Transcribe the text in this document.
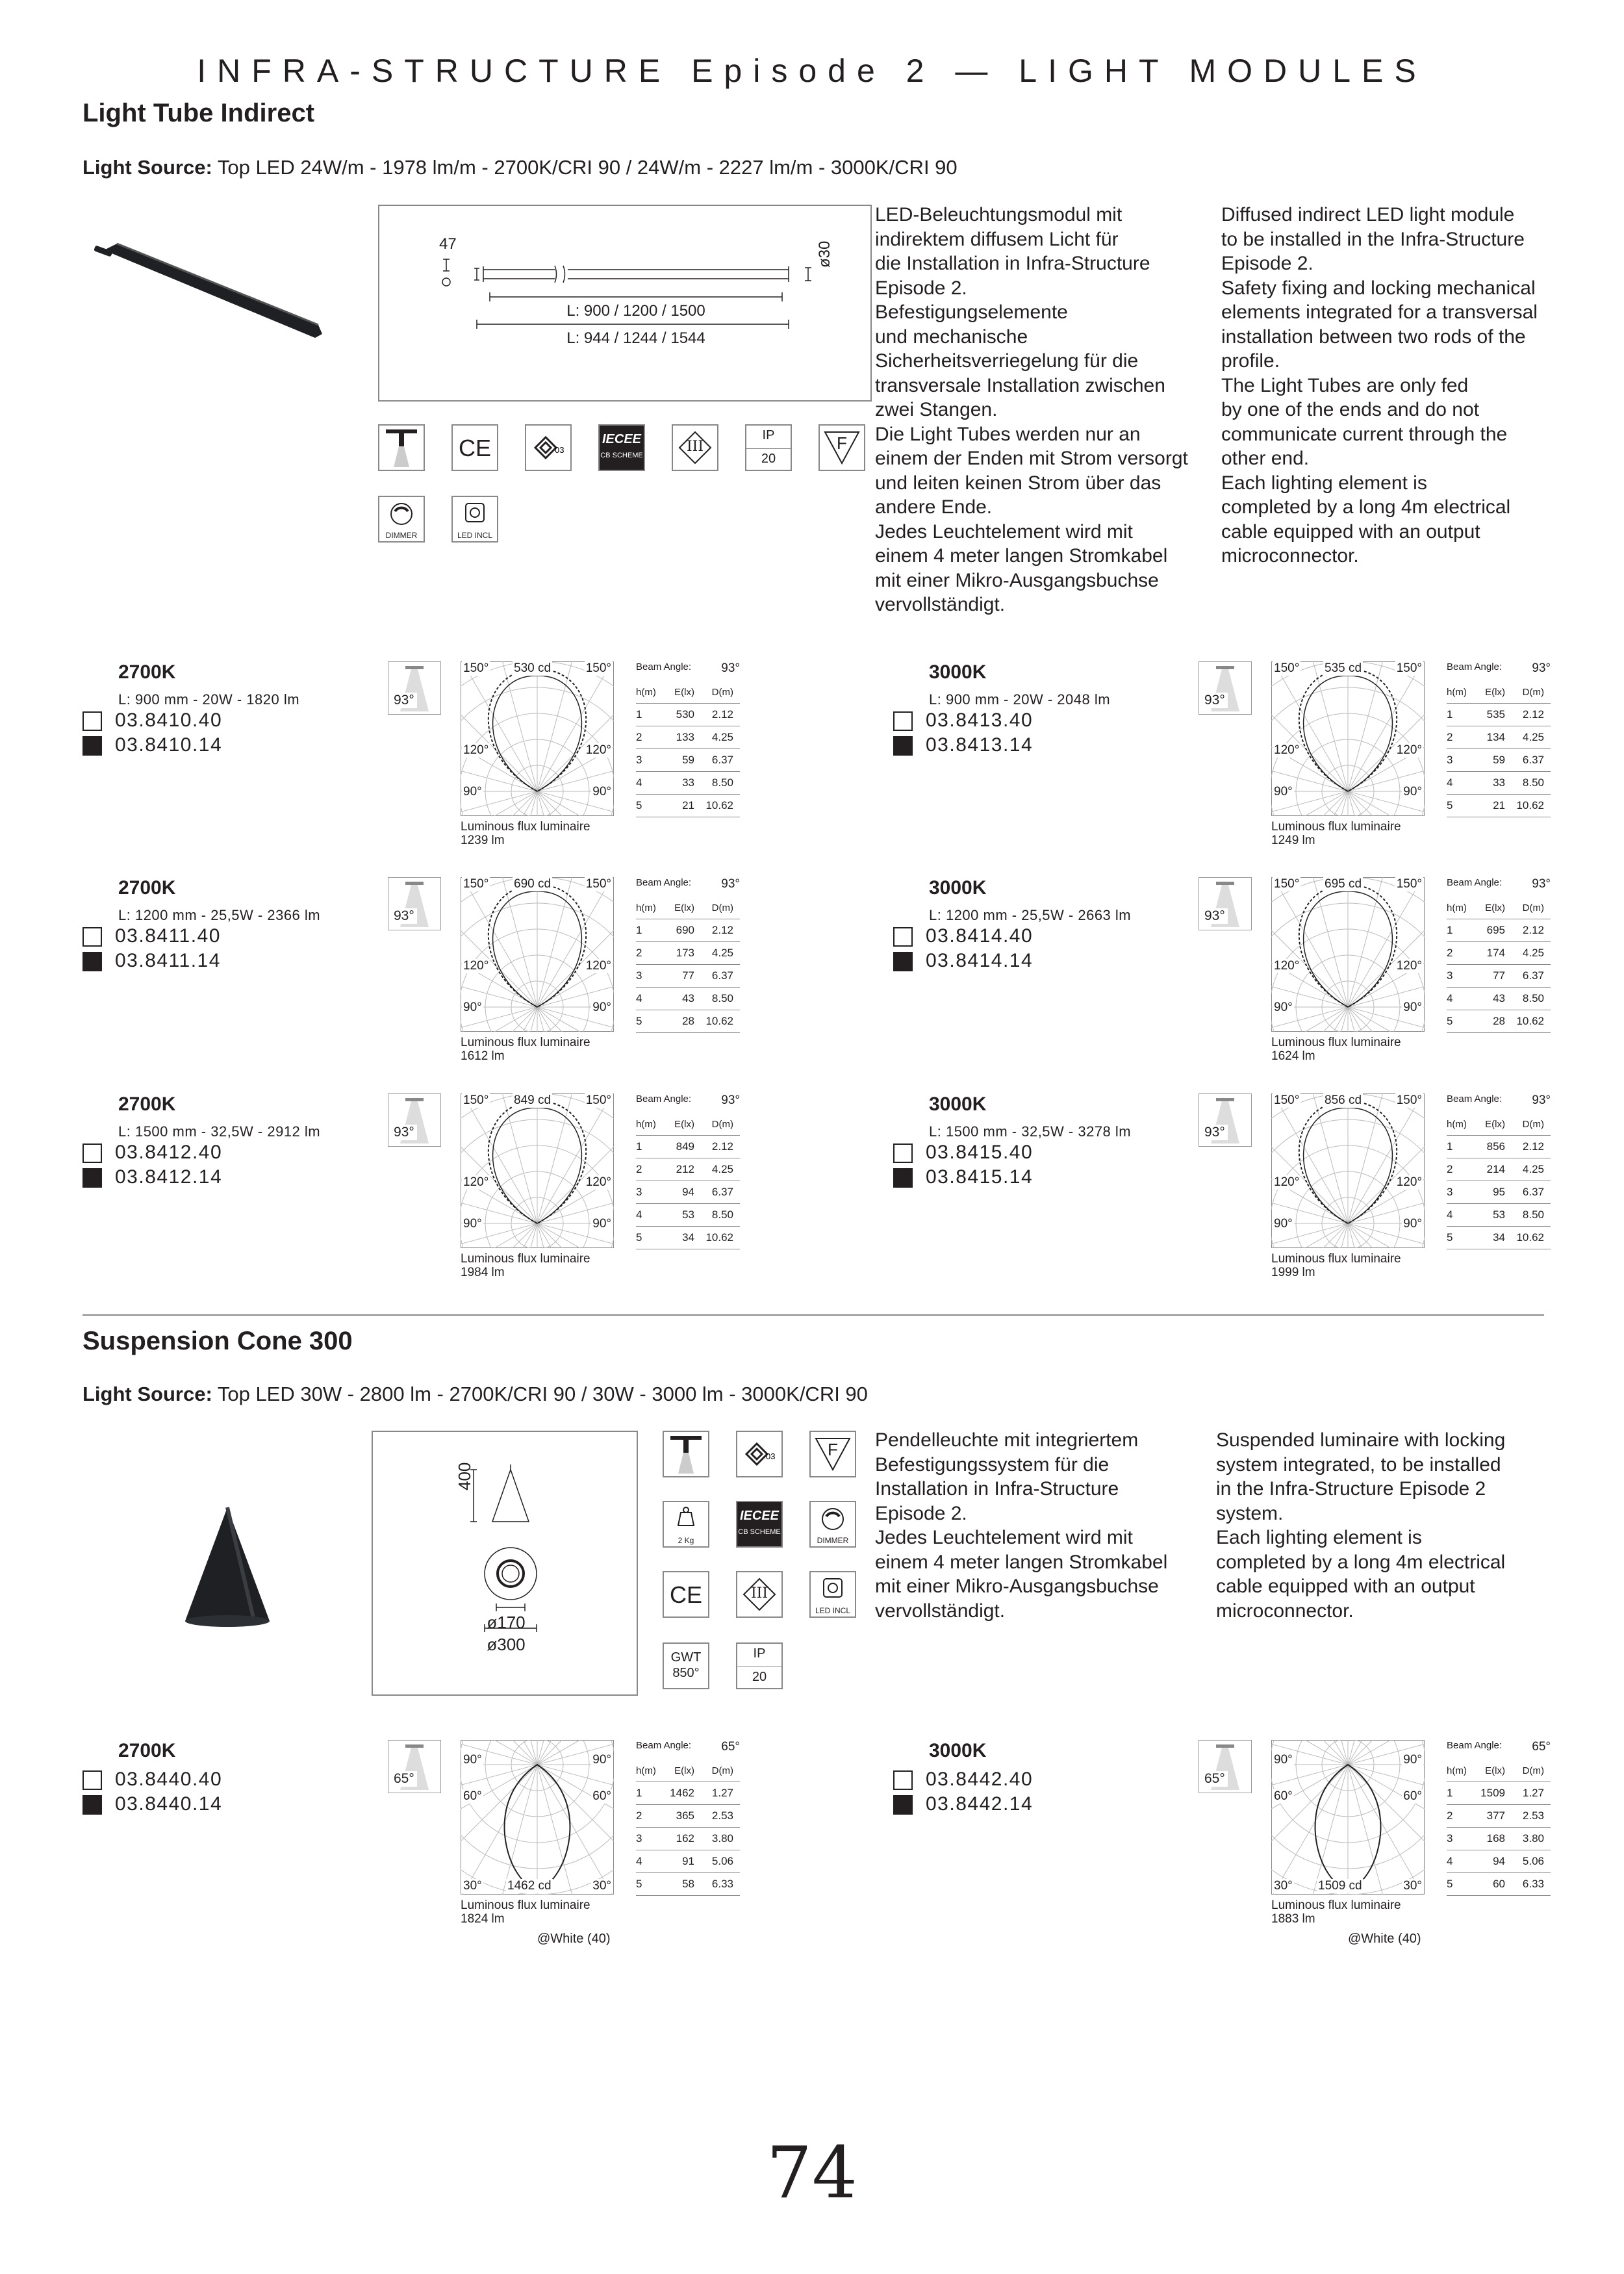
INFRA-STRUCTURE Episode 2 — LIGHT MODULES
Light Tube Indirect
Light Source: Top LED 24W/m - 1978 lm/m - 2700K/CRI 90 / 24W/m - 2227 lm/m - 3000K/CRI 90
47	ø30
L: 900 / 1200 / 1500
L: 944 / 1244 / 1544
CE	03
IECEE
CB SCHEME
III
IP
20
F
DIMMER	LED INCL
LED-Beleuchtungsmodul mit
indirektem diffusem Licht für
die Installation in Infra-Structure
Episode 2.
Befestigungselemente
und mechanische
Sicherheitsverriegelung für die
transversale Installation zwischen
zwei Stangen.
Die Light Tubes werden nur an
einem der Enden mit Strom versorgt
und leiten keinen Strom über das
andere Ende.
Jedes Leuchtelement wird mit
einem 4 meter langen Stromkabel
mit einer Mikro-Ausgangsbuchse
vervollständigt.
Diffused indirect LED light module
to be installed in the Infra-Structure
Episode 2.
Safety fixing and locking mechanical
elements integrated for a transversal
installation between two rods of the
profile.
The Light Tubes are only fed
by one of the ends and do not
communicate current through the
other end.
Each lighting element is
completed by a long 4m electrical
cable equipped with an output
microconnector.
2700K
L: 900 mm - 20W - 1820 lm
03.8410.40
03.8410.14
93°
150°	150°
530 cd
120°	120°
90°	90°
Luminous flux luminaire
1239 lm
Beam Angle: 93°
h(m)	E(lx)	D(m)
1	530	2.12
2	133	4.25
3	59	6.37
4	33	8.50
5	21	10.62
3000K
L: 900 mm - 20W - 2048 lm
03.8413.40
03.8413.14
93°
150°	150°
535 cd
120°	120°
90°	90°
Luminous flux luminaire
1249 lm
Beam Angle: 93°
h(m)	E(lx)	D(m)
1	535	2.12
2	134	4.25
3	59	6.37
4	33	8.50
5	21	10.62
2700K
L: 1200 mm - 25,5W - 2366 lm
03.8411.40
03.8411.14
93°
150°	150°
690 cd
120°	120°
90°	90°
Luminous flux luminaire
1612 lm
Beam Angle: 93°
h(m)	E(lx)	D(m)
1	690	2.12
2	173	4.25
3	77	6.37
4	43	8.50
5	28	10.62
3000K
L: 1200 mm - 25,5W - 2663 lm
03.8414.40
03.8414.14
93°
150°	150°
695 cd
120°	120°
90°	90°
Luminous flux luminaire
1624 lm
Beam Angle: 93°
h(m)	E(lx)	D(m)
1	695	2.12
2	174	4.25
3	77	6.37
4	43	8.50
5	28	10.62
2700K
L: 1500 mm - 32,5W - 2912 lm
03.8412.40
03.8412.14
93°
150°	150°
849 cd
120°	120°
90°	90°
Luminous flux luminaire
1984 lm
Beam Angle: 93°
h(m)	E(lx)	D(m)
1	849	2.12
2	212	4.25
3	94	6.37
4	53	8.50
5	34	10.62
3000K
L: 1500 mm - 32,5W - 3278 lm
03.8415.40
03.8415.14
93°
150°	150°
856 cd
120°	120°
90°	90°
Luminous flux luminaire
1999 lm
Beam Angle: 93°
h(m)	E(lx)	D(m)
1	856	2.12
2	214	4.25
3	95	6.37
4	53	8.50
5	34	10.62
Suspension Cone 300
Light Source: Top LED 30W - 2800 lm - 2700K/CRI 90 / 30W - 3000 lm - 3000K/CRI 90
400
ø170
ø300
03	F
2 Kg
IECEE
CB SCHEME
DIMMER
CE	III
LED INCL
GWT
850°
IP
20
Pendelleuchte mit integriertem
Befestigungssystem für die
Installation in Infra-Structure
Episode 2.
Jedes Leuchtelement wird mit
einem 4 meter langen Stromkabel
mit einer Mikro-Ausgangsbuchse
vervollständigt.
Suspended luminaire with locking
system integrated, to be installed
in the Infra-Structure Episode 2
system.
Each lighting element is
completed by a long 4m electrical
cable equipped with an output
microconnector.
2700K
03.8440.40
03.8440.14
65°
90°	90°
60°	60°
30°	30°
1462 cd
Luminous flux luminaire
1824 lm
@White (40)
Beam Angle: 65°
h(m)	E(lx)	D(m)
1	1462	1.27
2	365	2.53
3	162	3.80
4	91	5.06
5	58	6.33
3000K
03.8442.40
03.8442.14
65°
90°	90°
60°	60°
30°	30°
1509 cd
Luminous flux luminaire
1883 lm
@White (40)
Beam Angle: 65°
h(m)	E(lx)	D(m)
1	1509	1.27
2	377	2.53
3	168	3.80
4	94	5.06
5	60	6.33
74
